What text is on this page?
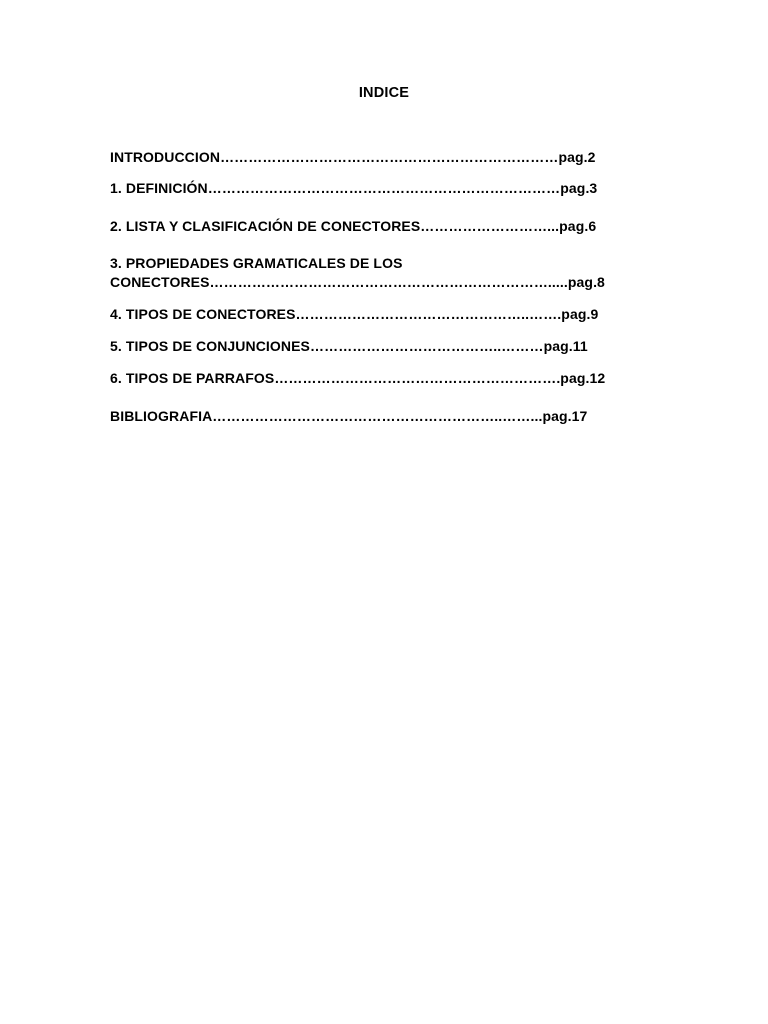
INDICE
INTRODUCCION………………………………………………………………pag.2
1. DEFINICIÓN…………………………………………………………………pag.3
2. LISTA Y CLASIFICACIÓN DE CONECTORES………………………...pag.6
3. PROPIEDADES GRAMATICALES DE LOS
CONECTORES……………………………………………………………….....pag.8
4. TIPOS DE CONECTORES…………………………………………..…….pag.9
5. TIPOS DE CONJUNCIONES…………………………………..………pag.11
6. TIPOS DE PARRAFOS…………………………………………………….pag.12
BIBLIOGRAFIA……………………………………………………..……...pag.17
